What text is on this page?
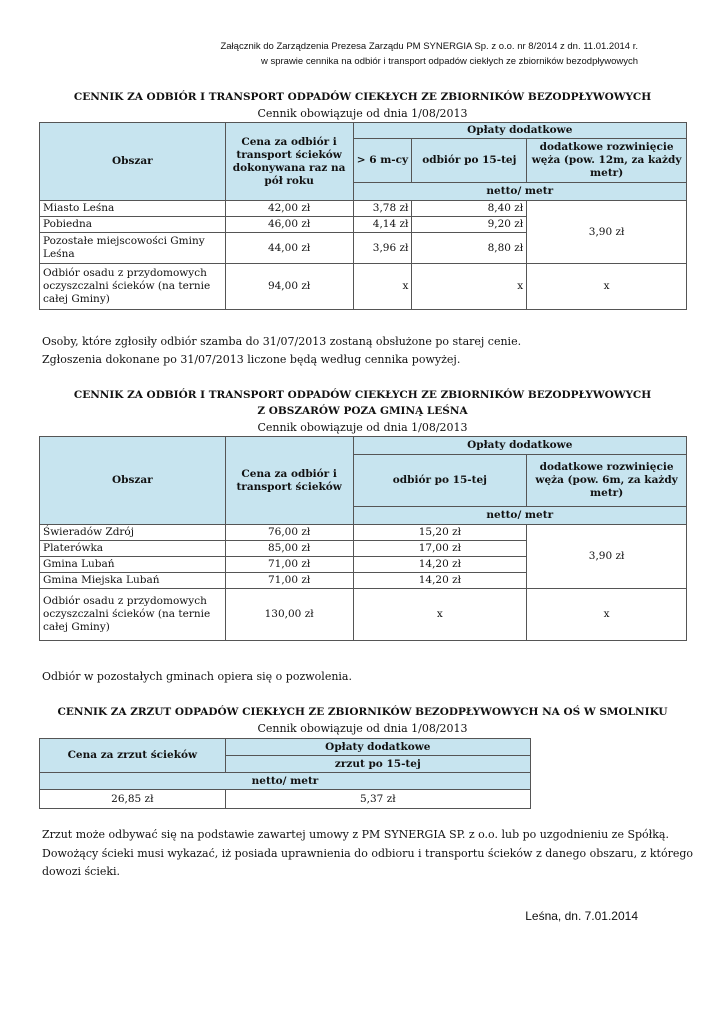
Załącznik do Zarządzenia Prezesa Zarządu PM SYNERGIA Sp. z o.o. nr 8/2014 z dn. 11.01.2014 r.
w sprawie cennika na odbiór i transport odpadów ciekłych ze zbiorników bezodpływowych
CENNIK ZA ODBIÓR I TRANSPORT ODPADÓW CIEKŁYCH ZE ZBIORNIKÓW BEZODPŁYWOWYCH
Cennik obowiązuje od dnia 1/08/2013
Obszar	Cena za odbiór i transport ścieków dokonywana raz na pół roku	Opłaty dodatkowe		
		> 6 m-cy	odbiór po 15-tej	dodatkowe rozwinięcie węża (pow. 12m, za każdy metr)
		netto/ metr		
Miasto Leśna	42,00 zł	3,78 zł	8,40 zł	3,90 zł
Pobiedna	46,00 zł	4,14 zł	9,20 zł	
Pozostałe miejscowości Gminy Leśna	44,00 zł	3,96 zł	8,80 zł	
Odbiór osadu z przydomowych oczyszczalni ścieków (na ternie całej Gminy)	94,00 zł	x	x	x
Osoby, które zgłosiły odbiór szamba do 31/07/2013 zostaną obsłużone po starej cenie.
Zgłoszenia dokonane po 31/07/2013 liczone będą według cennika powyżej.
CENNIK ZA ODBIÓR I TRANSPORT ODPADÓW CIEKŁYCH ZE ZBIORNIKÓW BEZODPŁYWOWYCH
Z OBSZARÓW POZA GMINĄ LEŚNA
Cennik obowiązuje od dnia 1/08/2013
Obszar	Cena za odbiór i transport ścieków	Opłaty dodatkowe	
		odbiór po 15-tej	dodatkowe rozwinięcie węża (pow. 6m, za każdy metr)
		netto/ metr	
Świeradów Zdrój	76,00 zł	15,20 zł	3,90 zł
Platerówka	85,00 zł	17,00 zł	
Gmina Lubań	71,00 zł	14,20 zł	
Gmina Miejska Lubań	71,00 zł	14,20 zł	
Odbiór osadu z przydomowych oczyszczalni ścieków (na ternie całej Gminy)	130,00 zł	x	x
Odbiór w pozostałych gminach opiera się o pozwolenia.
CENNIK ZA ZRZUT ODPADÓW CIEKŁYCH ZE ZBIORNIKÓW BEZODPŁYWOWYCH NA OŚ W SMOLNIKU
Cennik obowiązuje od dnia 1/08/2013
Cena za zrzut ścieków	Opłaty dodatkowe
	zrzut po 15-tej
netto/ metr	
26,85 zł	5,37 zł
Zrzut może odbywać się na podstawie zawartej umowy z PM SYNERGIA SP. z o.o. lub po uzgodnieniu ze Spółką.
Dowożący ścieki musi wykazać, iż posiada uprawnienia do odbioru i transportu ścieków z danego obszaru, z którego
dowozi ścieki.
Leśna, dn. 7.01.2014
